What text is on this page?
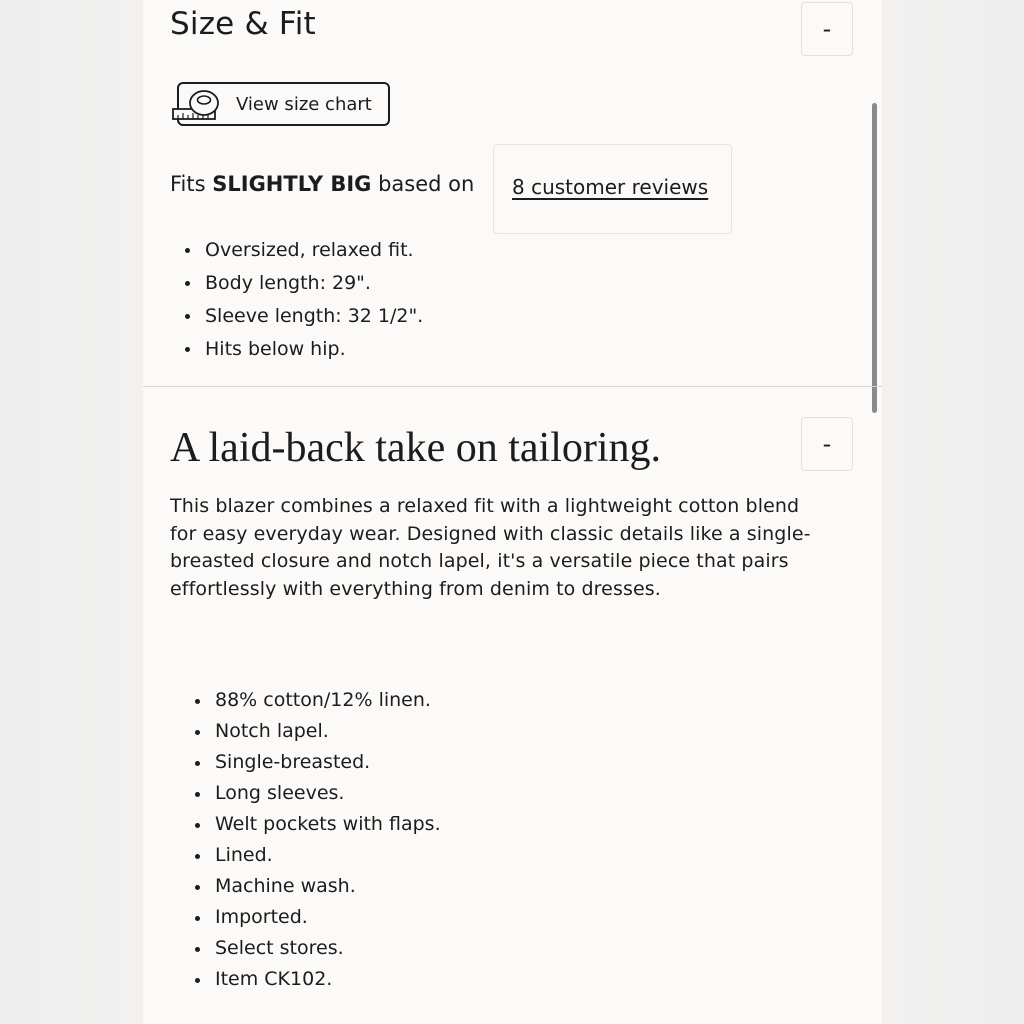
Size & Fit	-
View size chart
Fits SLIGHTLY BIG based on 8 customer reviews
Oversized, relaxed fit.
Body length: 29".
Sleeve length: 32 1/2".
Hits below hip.
A laid-back take on tailoring.	-

This blazer combines a relaxed fit with a lightweight cotton blend for easy everyday wear. Designed with classic details like a single-breasted closure and notch lapel, it's a versatile piece that pairs effortlessly with everything from denim to dresses.

88% cotton/12% linen.
Notch lapel.
Single-breasted.
Long sleeves.
Welt pockets with flaps.
Lined.
Machine wash.
Imported.
Select stores.
Item CK102.
